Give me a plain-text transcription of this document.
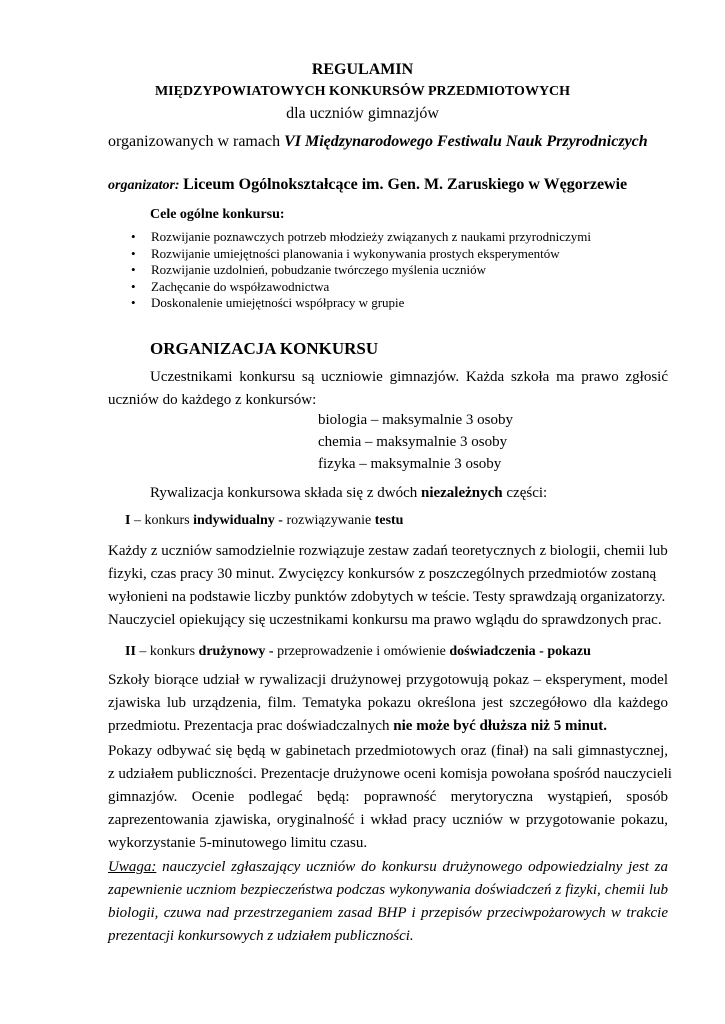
REGULAMIN
MIĘDZYPOWIATOWYCH KONKURSÓW PRZEDMIOTOWYCH
dla uczniów gimnazjów
organizowanych w ramach VI Międzynarodowego Festiwalu Nauk Przyrodniczych
organizator: Liceum Ogólnokształcące im. Gen. M. Zaruskiego w Węgorzewie
Cele ogólne konkursu:
• Rozwijanie poznawczych potrzeb młodzieży związanych z naukami przyrodniczymi
• Rozwijanie umiejętności planowania i wykonywania prostych eksperymentów
• Rozwijanie uzdolnień, pobudzanie twórczego myślenia uczniów
• Zachęcanie do współzawodnictwa
• Doskonalenie umiejętności współpracy w grupie
ORGANIZACJA KONKURSU
Uczestnikami konkursu są uczniowie gimnazjów. Każda szkoła ma prawo zgłosić
uczniów do każdego z konkursów:
biologia – maksymalnie 3 osoby
chemia – maksymalnie 3 osoby
fizyka – maksymalnie 3 osoby
Rywalizacja konkursowa składa się z dwóch niezależnych części:
I – konkurs indywidualny - rozwiązywanie testu
Każdy z uczniów samodzielnie rozwiązuje zestaw zadań teoretycznych z biologii, chemii lub
fizyki, czas pracy 30 minut. Zwycięzcy konkursów z poszczególnych przedmiotów zostaną
wyłonieni na podstawie liczby punktów zdobytych w teście. Testy sprawdzają organizatorzy.
Nauczyciel opiekujący się uczestnikami konkursu ma prawo wglądu do sprawdzonych prac.
II – konkurs drużynowy - przeprowadzenie i omówienie doświadczenia - pokazu
Szkoły biorące udział w rywalizacji drużynowej przygotowują pokaz – eksperyment, model
zjawiska lub urządzenia, film. Tematyka pokazu określona jest szczegółowo dla każdego
przedmiotu. Prezentacja prac doświadczalnych nie może być dłuższa niż 5 minut.
Pokazy odbywać się będą w gabinetach przedmiotowych oraz (finał) na sali gimnastycznej,
z udziałem publiczności. Prezentacje drużynowe oceni komisja powołana spośród nauczycieli
gimnazjów. Ocenie podlegać będą: poprawność merytoryczna wystąpień, sposób
zaprezentowania zjawiska, oryginalność i wkład pracy uczniów w przygotowanie pokazu,
wykorzystanie 5-minutowego limitu czasu.
Uwaga: nauczyciel zgłaszający uczniów do konkursu drużynowego odpowiedzialny jest za
zapewnienie uczniom bezpieczeństwa podczas wykonywania doświadczeń z fizyki, chemii lub
biologii, czuwa nad przestrzeganiem zasad BHP i przepisów przeciwpożarowych w trakcie
prezentacji konkursowych z udziałem publiczności.
